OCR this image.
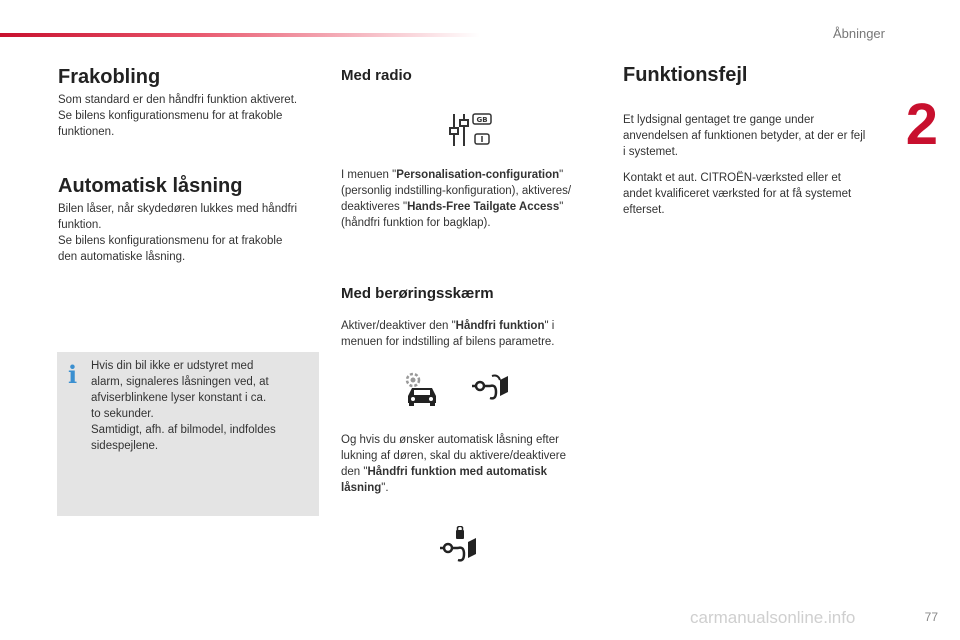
Åbninger
2
77
Frakobling
Som standard er den håndfri funktion aktiveret.
Se bilens konfigurationsmenu for at frakoble
funktionen.
Automatisk låsning
Bilen låser, når skydedøren lukkes med håndfri
funktion.
Se bilens konfigurationsmenu for at frakoble
den automatiske låsning.
i Hvis din bil ikke er udstyret med
alarm, signaleres låsningen ved, at
afviserblinkene lyser konstant i ca.
to sekunder.
Samtidigt, afh. af bilmodel, indfoldes
sidespejlene.
Med radio
GB
I menuen "Personalisation-configuration"
(personlig indstilling-konfiguration), aktiveres/
deaktiveres "Hands-Free Tailgate Access"
(håndfri funktion for bagklap).
Med berøringsskærm
Aktiver/deaktiver den "Håndfri funktion" i
menuen for indstilling af bilens parametre.
Og hvis du ønsker automatisk låsning efter
lukning af døren, skal du aktivere/deaktivere
den "Håndfri funktion med automatisk
låsning".
Funktionsfejl
Et lydsignal gentaget tre gange under
anvendelsen af funktionen betyder, at der er fejl
i systemet.
Kontakt et aut. CITROËN-værksted eller et
andet kvalificeret værksted for at få systemet
efterset.
carmanualsonline.info
